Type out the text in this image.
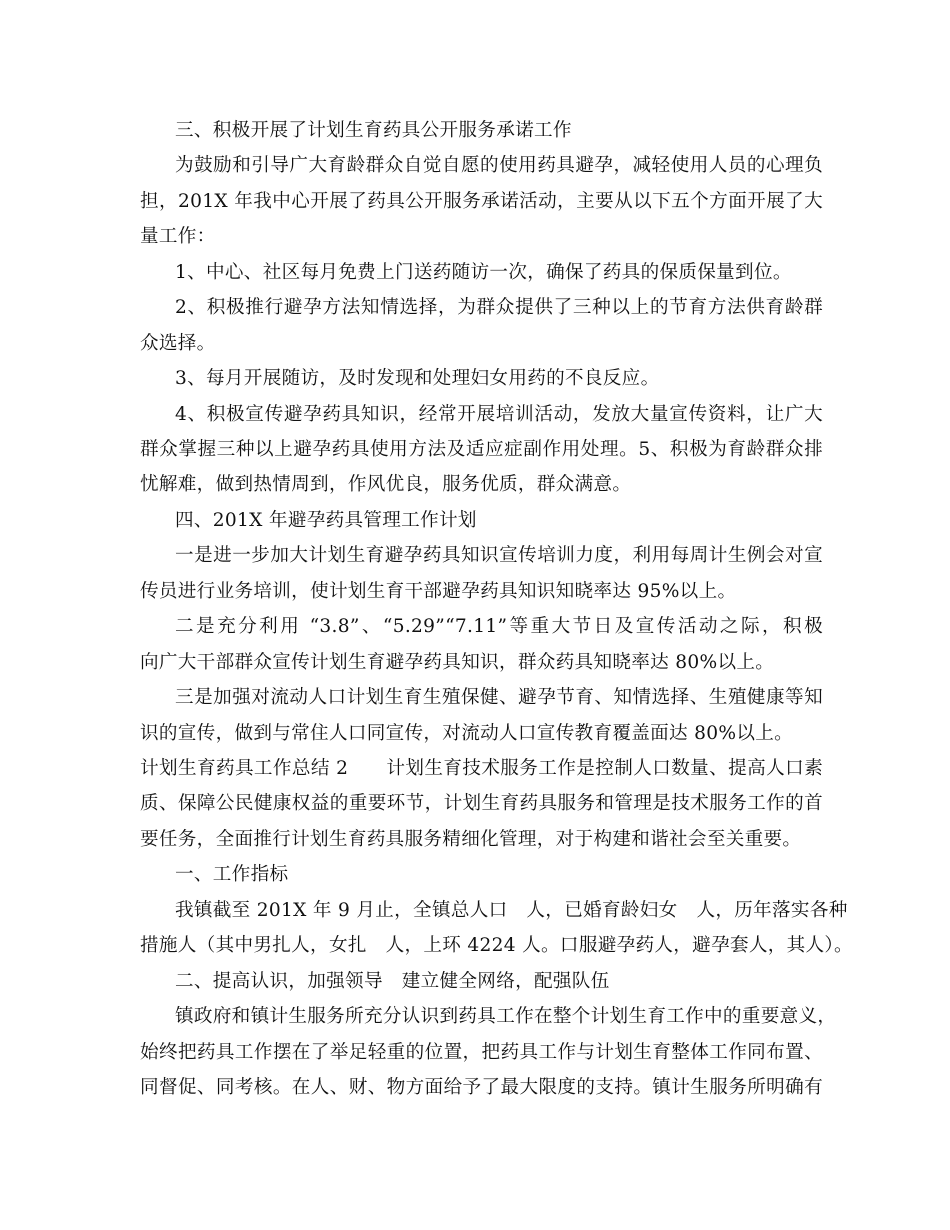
三、积极开展了计划生育药具公开服务承诺工作
为鼓励和引导广大育龄群众自觉自愿的使用药具避孕，减轻使用人员的心理负
担，201X 年我中心开展了药具公开服务承诺活动，主要从以下五个方面开展了大
量工作：
1、中心、社区每月免费上门送药随访一次，确保了药具的保质保量到位。
2、积极推行避孕方法知情选择，为群众提供了三种以上的节育方法供育龄群
众选择。
3、每月开展随访，及时发现和处理妇女用药的不良反应。
4、积极宣传避孕药具知识，经常开展培训活动，发放大量宣传资料，让广大
群众掌握三种以上避孕药具使用方法及适应症副作用处理。5、积极为育龄群众排
忧解难，做到热情周到，作风优良，服务优质，群众满意。
四、201X 年避孕药具管理工作计划
一是进一步加大计划生育避孕药具知识宣传培训力度，利用每周计生例会对宣
传员进行业务培训，使计划生育干部避孕药具知识知晓率达 95%以上。
二是充分利用 “3.8”、“5.29”“7.11”等重大节日及宣传活动之际，积极
向广大干部群众宣传计划生育避孕药具知识，群众药具知晓率达 80%以上。
三是加强对流动人口计划生育生殖保健、避孕节育、知情选择、生殖健康等知
识的宣传，做到与常住人口同宣传，对流动人口宣传教育覆盖面达 80%以上。
计划生育药具工作总结 2　　计划生育技术服务工作是控制人口数量、提高人口素
质、保障公民健康权益的重要环节，计划生育药具服务和管理是技术服务工作的首
要任务，全面推行计划生育药具服务精细化管理，对于构建和谐社会至关重要。
一、工作指标
我镇截至 201X 年 9 月止，全镇总人口　人，已婚育龄妇女　人，历年落实各种
措施人（其中男扎人，女扎　人，上环 4224 人。口服避孕药人，避孕套人，其人）。
二、提高认识，加强领导　建立健全网络，配强队伍
镇政府和镇计生服务所充分认识到药具工作在整个计划生育工作中的重要意义，
始终把药具工作摆在了举足轻重的位置，把药具工作与计划生育整体工作同布置、
同督促、同考核。在人、财、物方面给予了最大限度的支持。镇计生服务所明确有
